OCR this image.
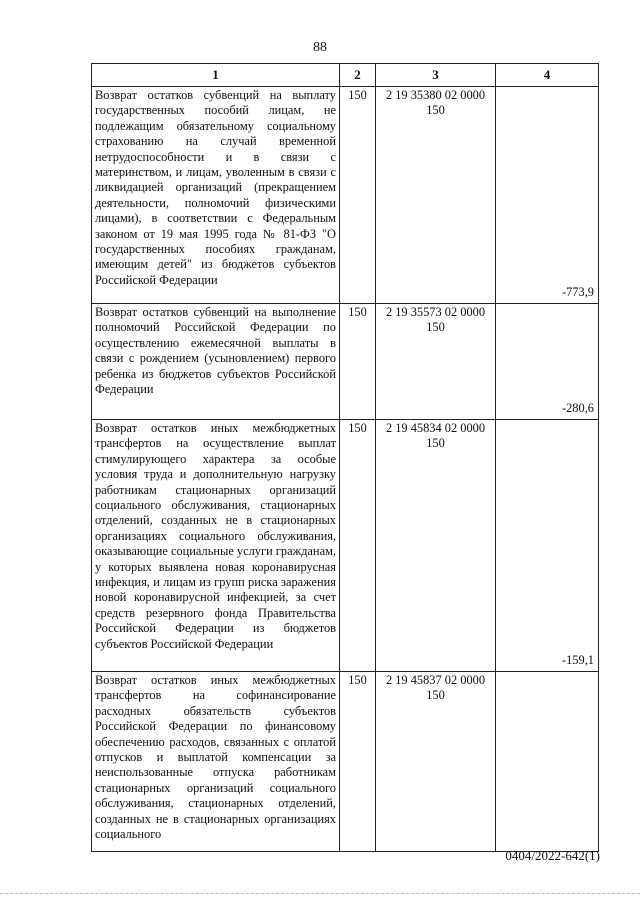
88
1	2	3	4
Возврат остатков субвенций на выплату государственных пособий лицам, не подлежащим обязательному социальному страхованию на случай временной нетрудоспособности и в связи с материнством, и лицам, уволенным в связи с ликвидацией организаций (прекращением деятельности, полномочий физическими лицами), в соответствии с Федеральным законом от 19 мая 1995 года № 81-ФЗ "О государственных пособиях гражданам, имеющим детей" из бюджетов субъектов Российской Федерации	150	2 19 35380 02 0000 150	-773,9
Возврат остатков субвенций на выполнение полномочий Российской Федерации по осуществлению ежемесячной выплаты в связи с рождением (усыновлением) первого ребенка из бюджетов субъектов Российской Федерации	150	2 19 35573 02 0000 150	-280,6
Возврат остатков иных межбюджетных трансфертов на осуществление выплат стимулирующего характера за особые условия труда и дополнительную нагрузку работникам стационарных организаций социального обслуживания, стационарных отделений, созданных не в стационарных организациях социального обслуживания, оказывающие социальные услуги гражданам, у которых выявлена новая коронавирусная инфекция, и лицам из групп риска заражения новой коронавирусной инфекцией, за счет средств резервного фонда Правительства Российской Федерации из бюджетов субъектов Российской Федерации	150	2 19 45834 02 0000 150	-159,1
Возврат остатков иных межбюджетных трансфертов на софинансирование расходных обязательств субъектов Российской Федерации по финансовому обеспечению расходов, связанных с оплатой отпусков и выплатой компенсации за неиспользованные отпуска работникам стационарных организаций социального обслуживания, стационарных отделений, созданных не в стационарных организациях социального	150	2 19 45837 02 0000 150	
0404/2022-642(1)
